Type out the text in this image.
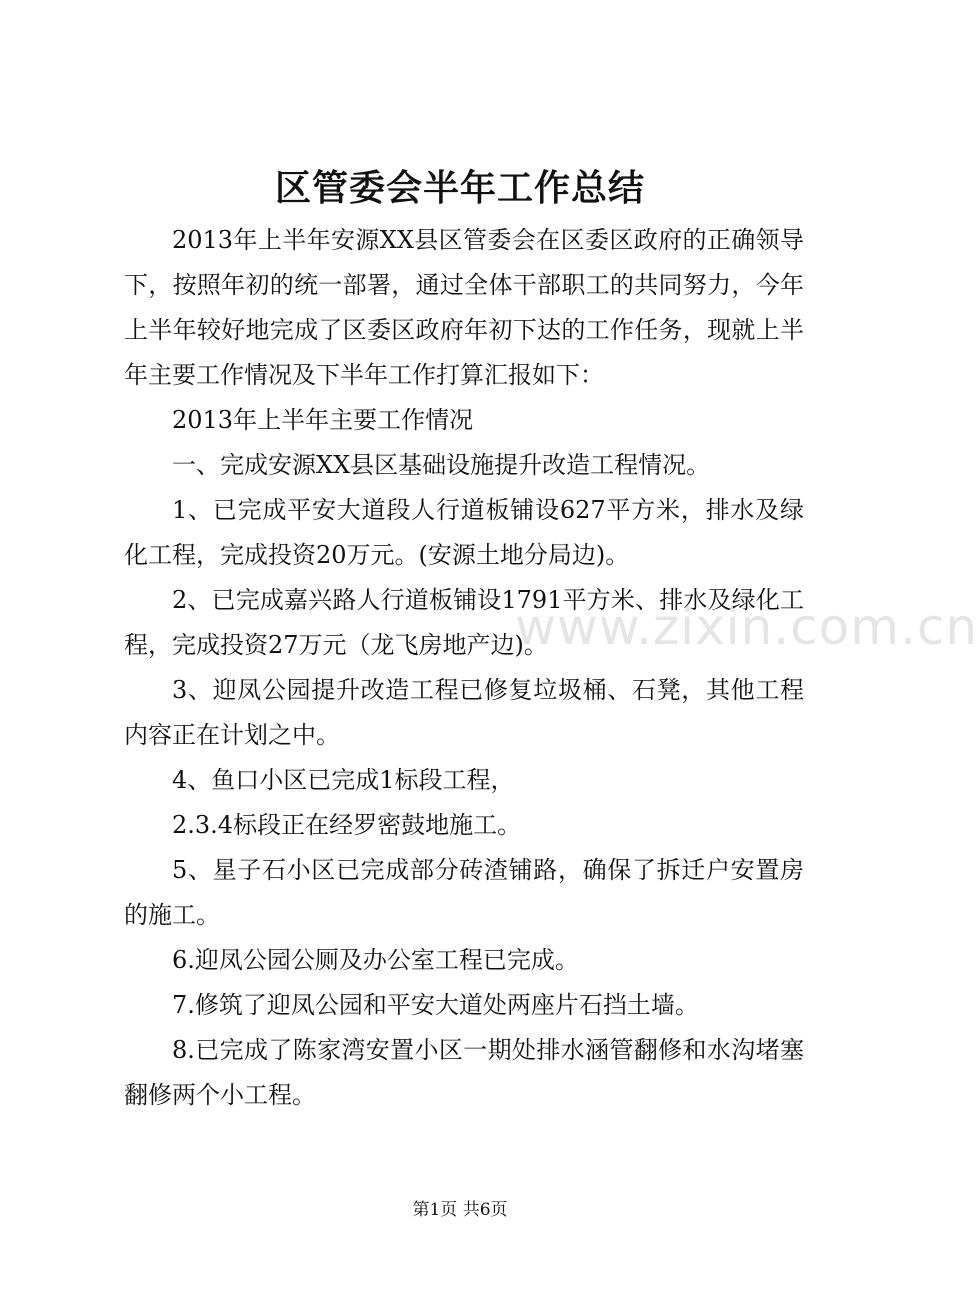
www.zixin.com.cn
区管委会半年工作总结

2013年上半年安源XX县区管委会在区委区政府的正确领导下，按照年初的统一部署，通过全体干部职工的共同努力，今年上半年较好地完成了区委区政府年初下达的工作任务，现就上半年主要工作情况及下半年工作打算汇报如下：

2013年上半年主要工作情况

一、完成安源XX县区基础设施提升改造工程情况。

1、已完成平安大道段人行道板铺设627平方米，排水及绿化工程，完成投资20万元。(安源土地分局边)。

2、已完成嘉兴路人行道板铺设1791平方米、排水及绿化工程，完成投资27万元（龙飞房地产边)。

3、迎凤公园提升改造工程已修复垃圾桶、石凳，其他工程内容正在计划之中。

4、鱼口小区已完成1标段工程，

2.3.4标段正在经罗密鼓地施工。

5、星子石小区已完成部分砖渣铺路，确保了拆迁户安置房的施工。

6.迎凤公园公厕及办公室工程已完成。

7.修筑了迎凤公园和平安大道处两座片石挡土墙。

8.已完成了陈家湾安置小区一期处排水涵管翻修和水沟堵塞翻修两个小工程。

第1页 共6页
